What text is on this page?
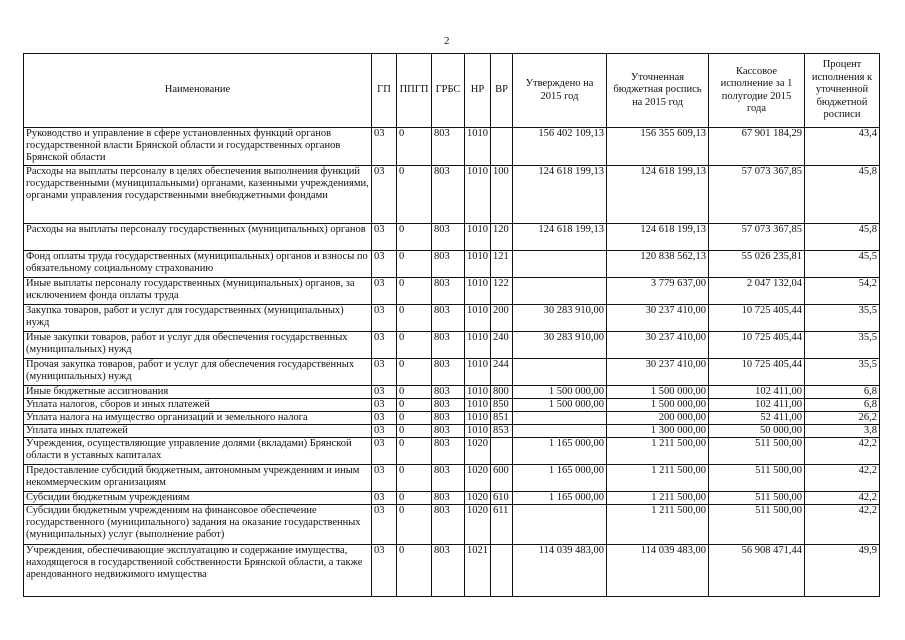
2
Наименование	ГП	ППГП	ГРБС	НР	ВР	Утверждено на 2015 год	Уточненная бюджетная роспись на 2015 год	Кассовое исполнение за 1 полугодие 2015 года	Процент исполнения к уточненной бюджетной росписи
Руководство и управление в сфере установленных функций органов государственной власти Брянской области и государственных органов Брянской области	03	0	803	1010		156 402 109,13	156 355 609,13	67 901 184,29	43,4
Расходы на выплаты персоналу в целях обеспечения выполнения функций государственными (муниципальными) органами, казенными учреждениями, органами управления государственными внебюджетными фондами	03	0	803	1010	100	124 618 199,13	124 618 199,13	57 073 367,85	45,8
Расходы на выплаты персоналу государственных (муниципальных) органов	03	0	803	1010	120	124 618 199,13	124 618 199,13	57 073 367,85	45,8
Фонд оплаты труда государственных (муниципальных) органов и взносы по обязательному социальному страхованию	03	0	803	1010	121		120 838 562,13	55 026 235,81	45,5
Иные выплаты персоналу государственных (муниципальных) органов, за исключением фонда оплаты труда	03	0	803	1010	122		3 779 637,00	2 047 132,04	54,2
Закупка товаров, работ и услуг для государственных (муниципальных) нужд	03	0	803	1010	200	30 283 910,00	30 237 410,00	10 725 405,44	35,5
Иные закупки товаров, работ и услуг для обеспечения государственных (муниципальных) нужд	03	0	803	1010	240	30 283 910,00	30 237 410,00	10 725 405,44	35,5
Прочая закупка товаров, работ и услуг для обеспечения государственных (муниципальных) нужд	03	0	803	1010	244		30 237 410,00	10 725 405,44	35,5
Иные бюджетные ассигнования	03	0	803	1010	800	1 500 000,00	1 500 000,00	102 411,00	6,8
Уплата налогов, сборов и иных платежей	03	0	803	1010	850	1 500 000,00	1 500 000,00	102 411,00	6,8
Уплата налога на имущество организаций и земельного налога	03	0	803	1010	851		200 000,00	52 411,00	26,2
Уплата иных платежей	03	0	803	1010	853		1 300 000,00	50 000,00	3,8
Учреждения, осуществляющие управление долями (вкладами) Брянской области в уставных капиталах	03	0	803	1020		1 165 000,00	1 211 500,00	511 500,00	42,2
Предоставление субсидий бюджетным, автономным учреждениям и иным некоммерческим организациям	03	0	803	1020	600	1 165 000,00	1 211 500,00	511 500,00	42,2
Субсидии бюджетным учреждениям	03	0	803	1020	610	1 165 000,00	1 211 500,00	511 500,00	42,2
Субсидии бюджетным учреждениям на финансовое обеспечение государственного (муниципального) задания на оказание государственных (муниципальных) услуг (выполнение работ)	03	0	803	1020	611		1 211 500,00	511 500,00	42,2
Учреждения, обеспечивающие эксплуатацию и содержание имущества, находящегося в государственной собственности Брянской области, а также арендованного недвижимого имущества	03	0	803	1021		114 039 483,00	114 039 483,00	56 908 471,44	49,9
